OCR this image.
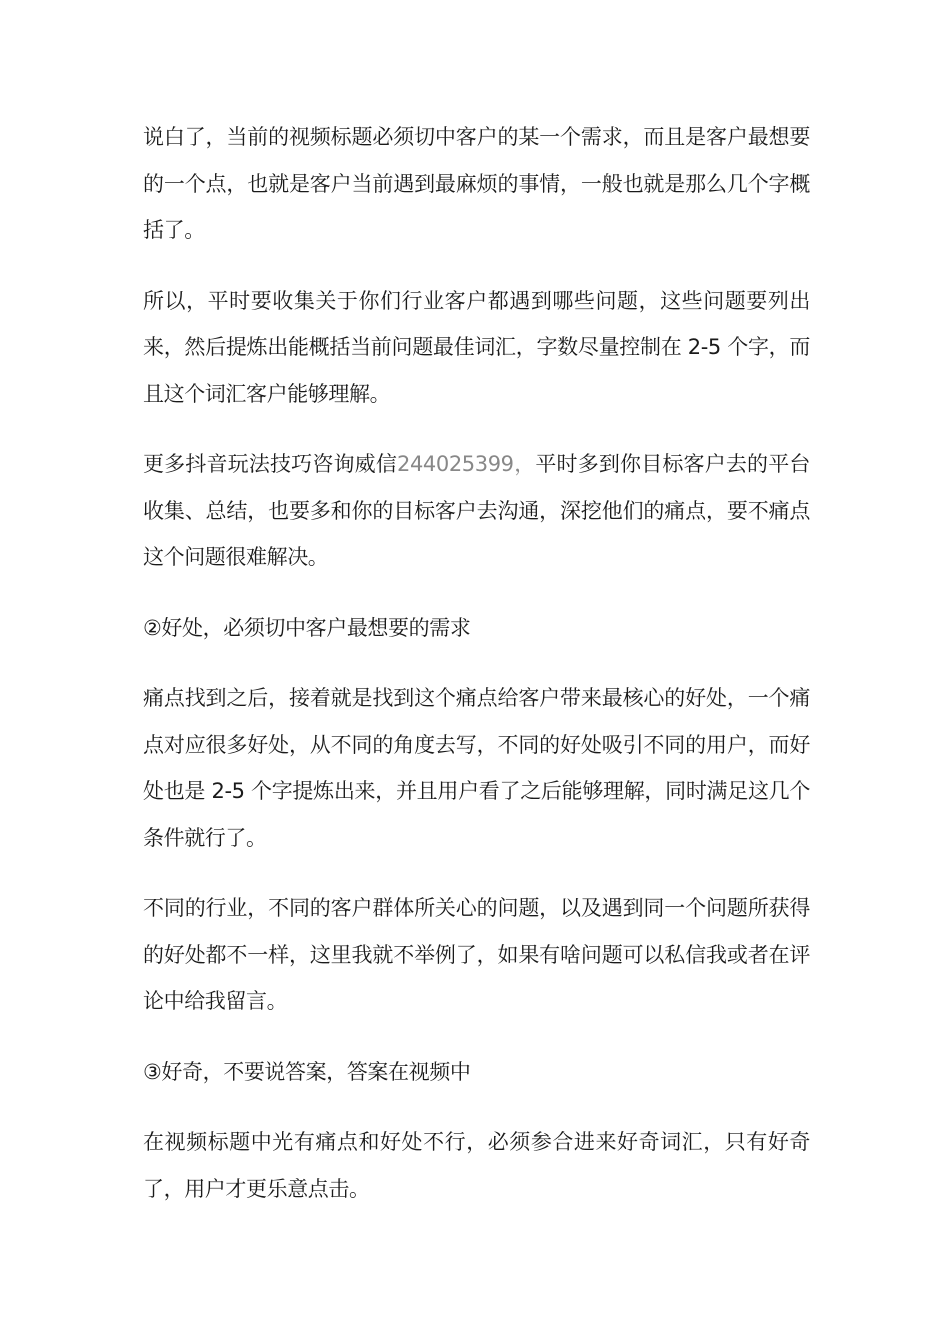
说白了，当前的视频标题必须切中客户的某一个需求，而且是客户最想要的一个点，也就是客户当前遇到最麻烦的事情，一般也就是那么几个字概括了。

所以，平时要收集关于你们行业客户都遇到哪些问题，这些问题要列出来，然后提炼出能概括当前问题最佳词汇，字数尽量控制在 2-5 个字，而且这个词汇客户能够理解。

更多抖音玩法技巧咨询威信244025399，平时多到你目标客户去的平台收集、总结，也要多和你的目标客户去沟通，深挖他们的痛点，要不痛点这个问题很难解决。

②好处，必须切中客户最想要的需求

痛点找到之后，接着就是找到这个痛点给客户带来最核心的好处，一个痛点对应很多好处，从不同的角度去写，不同的好处吸引不同的用户，而好处也是 2-5 个字提炼出来，并且用户看了之后能够理解，同时满足这几个条件就行了。

不同的行业，不同的客户群体所关心的问题，以及遇到同一个问题所获得的好处都不一样，这里我就不举例了，如果有啥问题可以私信我或者在评论中给我留言。

③好奇，不要说答案，答案在视频中

在视频标题中光有痛点和好处不行，必须参合进来好奇词汇，只有好奇了，用户才更乐意点击。
